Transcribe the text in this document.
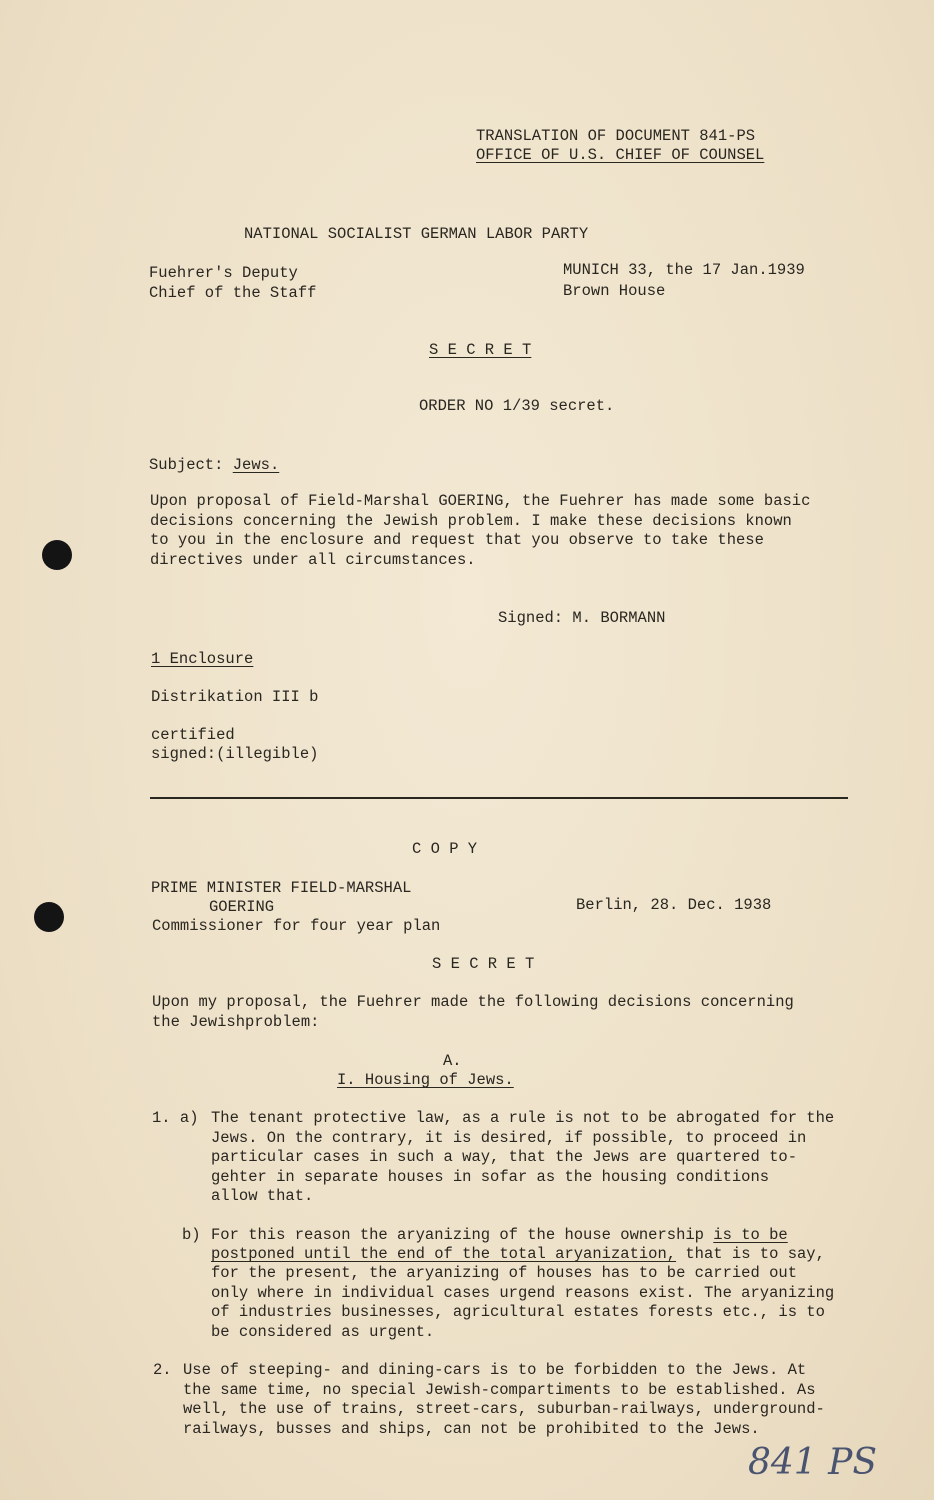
TRANSLATION OF DOCUMENT 841-PS
OFFICE OF U.S. CHIEF OF COUNSEL
NATIONAL SOCIALIST GERMAN LABOR PARTY
Fuehrer's Deputy
Chief of the Staff
MUNICH 33, the 17 Jan.1939
Brown House
S E C R E T
ORDER NO 1/39 secret.
Subject: Jews.
Upon proposal of Field-Marshal GOERING, the Fuehrer has made some basic
decisions concerning the Jewish problem. I make these decisions known
to you in the enclosure and request that you observe to take these
directives under all circumstances.
Signed: M. BORMANN
1 Enclosure
Distrikation III b
certified
signed:(illegible)
C O P Y
PRIME MINISTER FIELD-MARSHAL
GOERING
Commissioner for four year plan
Berlin, 28. Dec. 1938
S E C R E T
Upon my proposal, the Fuehrer made the following decisions concerning
the Jewishproblem:
A.
I. Housing of Jews.
1. a) The tenant protective law, as a rule is not to be abrogated for the
Jews. On the contrary, it is desired, if possible, to proceed in
particular cases in such a way, that the Jews are quartered to-
gehter in separate houses in sofar as the housing conditions
allow that.
b) For this reason the aryanizing of the house ownership is to be
postponed until the end of the total aryanization, that is to say,
for the present, the aryanizing of houses has to be carried out
only where in individual cases urgend reasons exist. The aryanizing
of industries businesses, agricultural estates forests etc., is to
be considered as urgent.
2. Use of steeping- and dining-cars is to be forbidden to the Jews. At
the same time, no special Jewish-compartiments to be established. As
well, the use of trains, street-cars, suburban-railways, underground-
railways, busses and ships, can not be prohibited to the Jews.
841 PS
